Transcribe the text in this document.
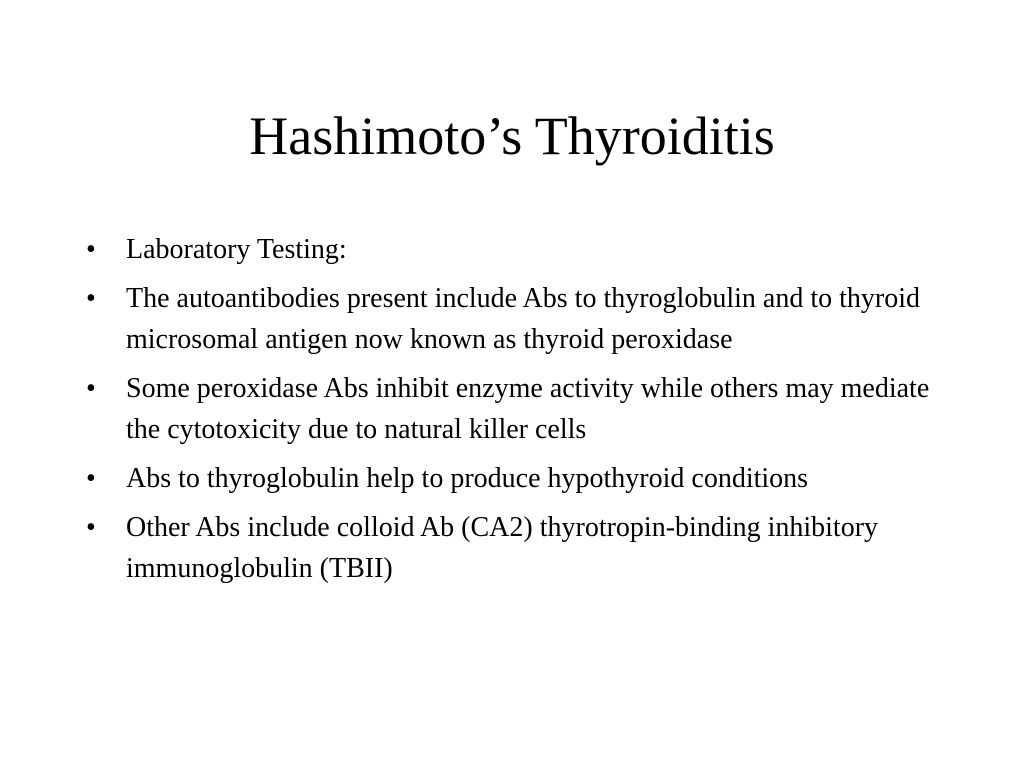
Hashimoto’s Thyroiditis
•	Laboratory Testing:
•	The autoantibodies present include Abs to thyroglobulin and to thyroid microsomal antigen now known as thyroid peroxidase
•	Some peroxidase Abs inhibit enzyme activity while others may mediate the cytotoxicity due to natural killer cells
•	Abs to thyroglobulin help to produce hypothyroid conditions
•	Other Abs include colloid Ab (CA2) thyrotropin-binding inhibitory immunoglobulin (TBII)
